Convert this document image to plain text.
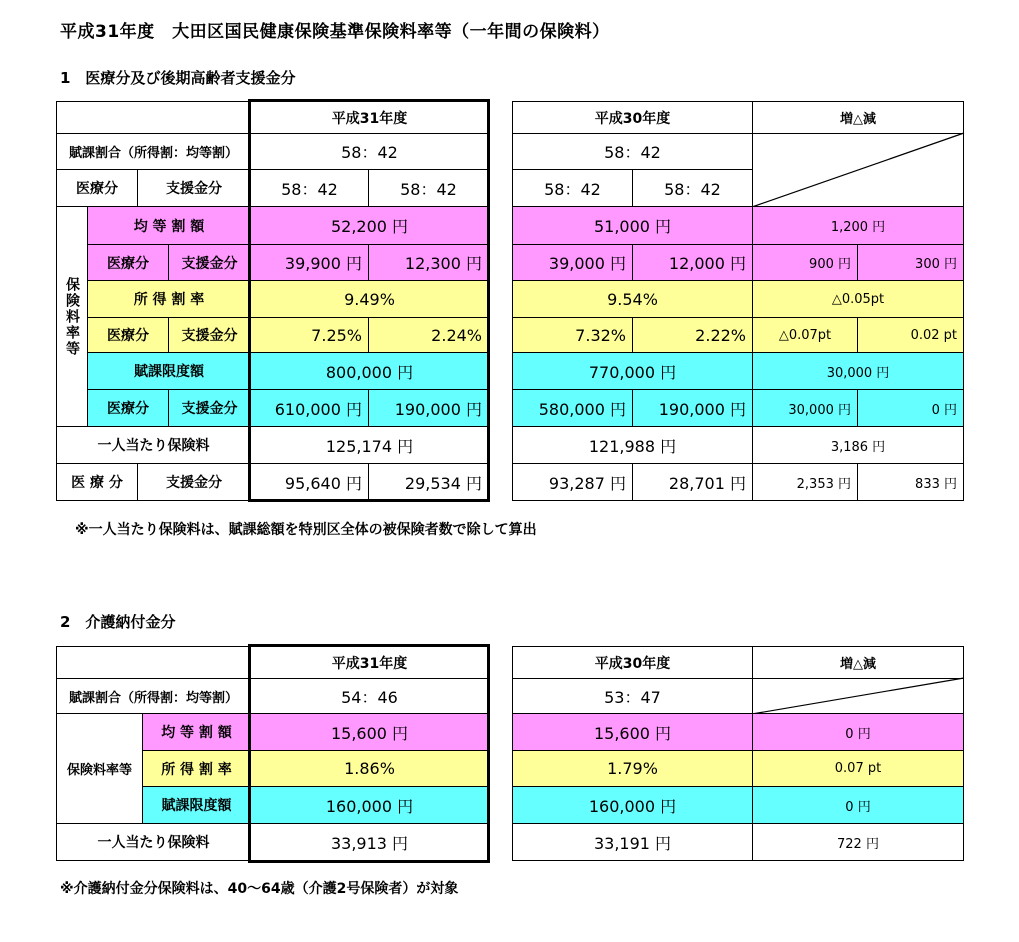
平成31年度　大田区国民健康保険基準保険料率等（一年間の保険料）
1　医療分及び後期高齢者支援金分
平成31年度	平成30年度	増△減
賦課割合（所得割：均等割）	58：42	58：42
医療分	支援金分	58：42	58：42	58：42	58：42
保険料率等
均 等 割 額	52,200 円	51,000 円	1,200 円
医療分	支援金分	39,900 円	12,300 円	39,000 円	12,000 円	900 円	300 円
所 得 割 率	9.49%	9.54%	△0.05pt
医療分	支援金分	7.25%	2.24%	7.32%	2.22%	△0.07pt	0.02 pt
賦課限度額	800,000 円	770,000 円	30,000 円
医療分	支援金分	610,000 円	190,000 円	580,000 円	190,000 円	30,000 円	0 円
一人当たり保険料	125,174 円	121,988 円	3,186 円
医 療 分	支援金分	95,640 円	29,534 円	93,287 円	28,701 円	2,353 円	833 円
※一人当たり保険料は、賦課総額を特別区全体の被保険者数で除して算出
2　介護納付金分
平成31年度	平成30年度	増△減
賦課割合（所得割：均等割）	54：46	53：47
保険料率等
均 等 割 額	15,600 円	15,600 円	0 円
所 得 割 率	1.86%	1.79%	0.07 pt
賦課限度額	160,000 円	160,000 円	0 円
一人当たり保険料	33,913 円	33,191 円	722 円
※介護納付金分保険料は、40～64歳（介護2号保険者）が対象
